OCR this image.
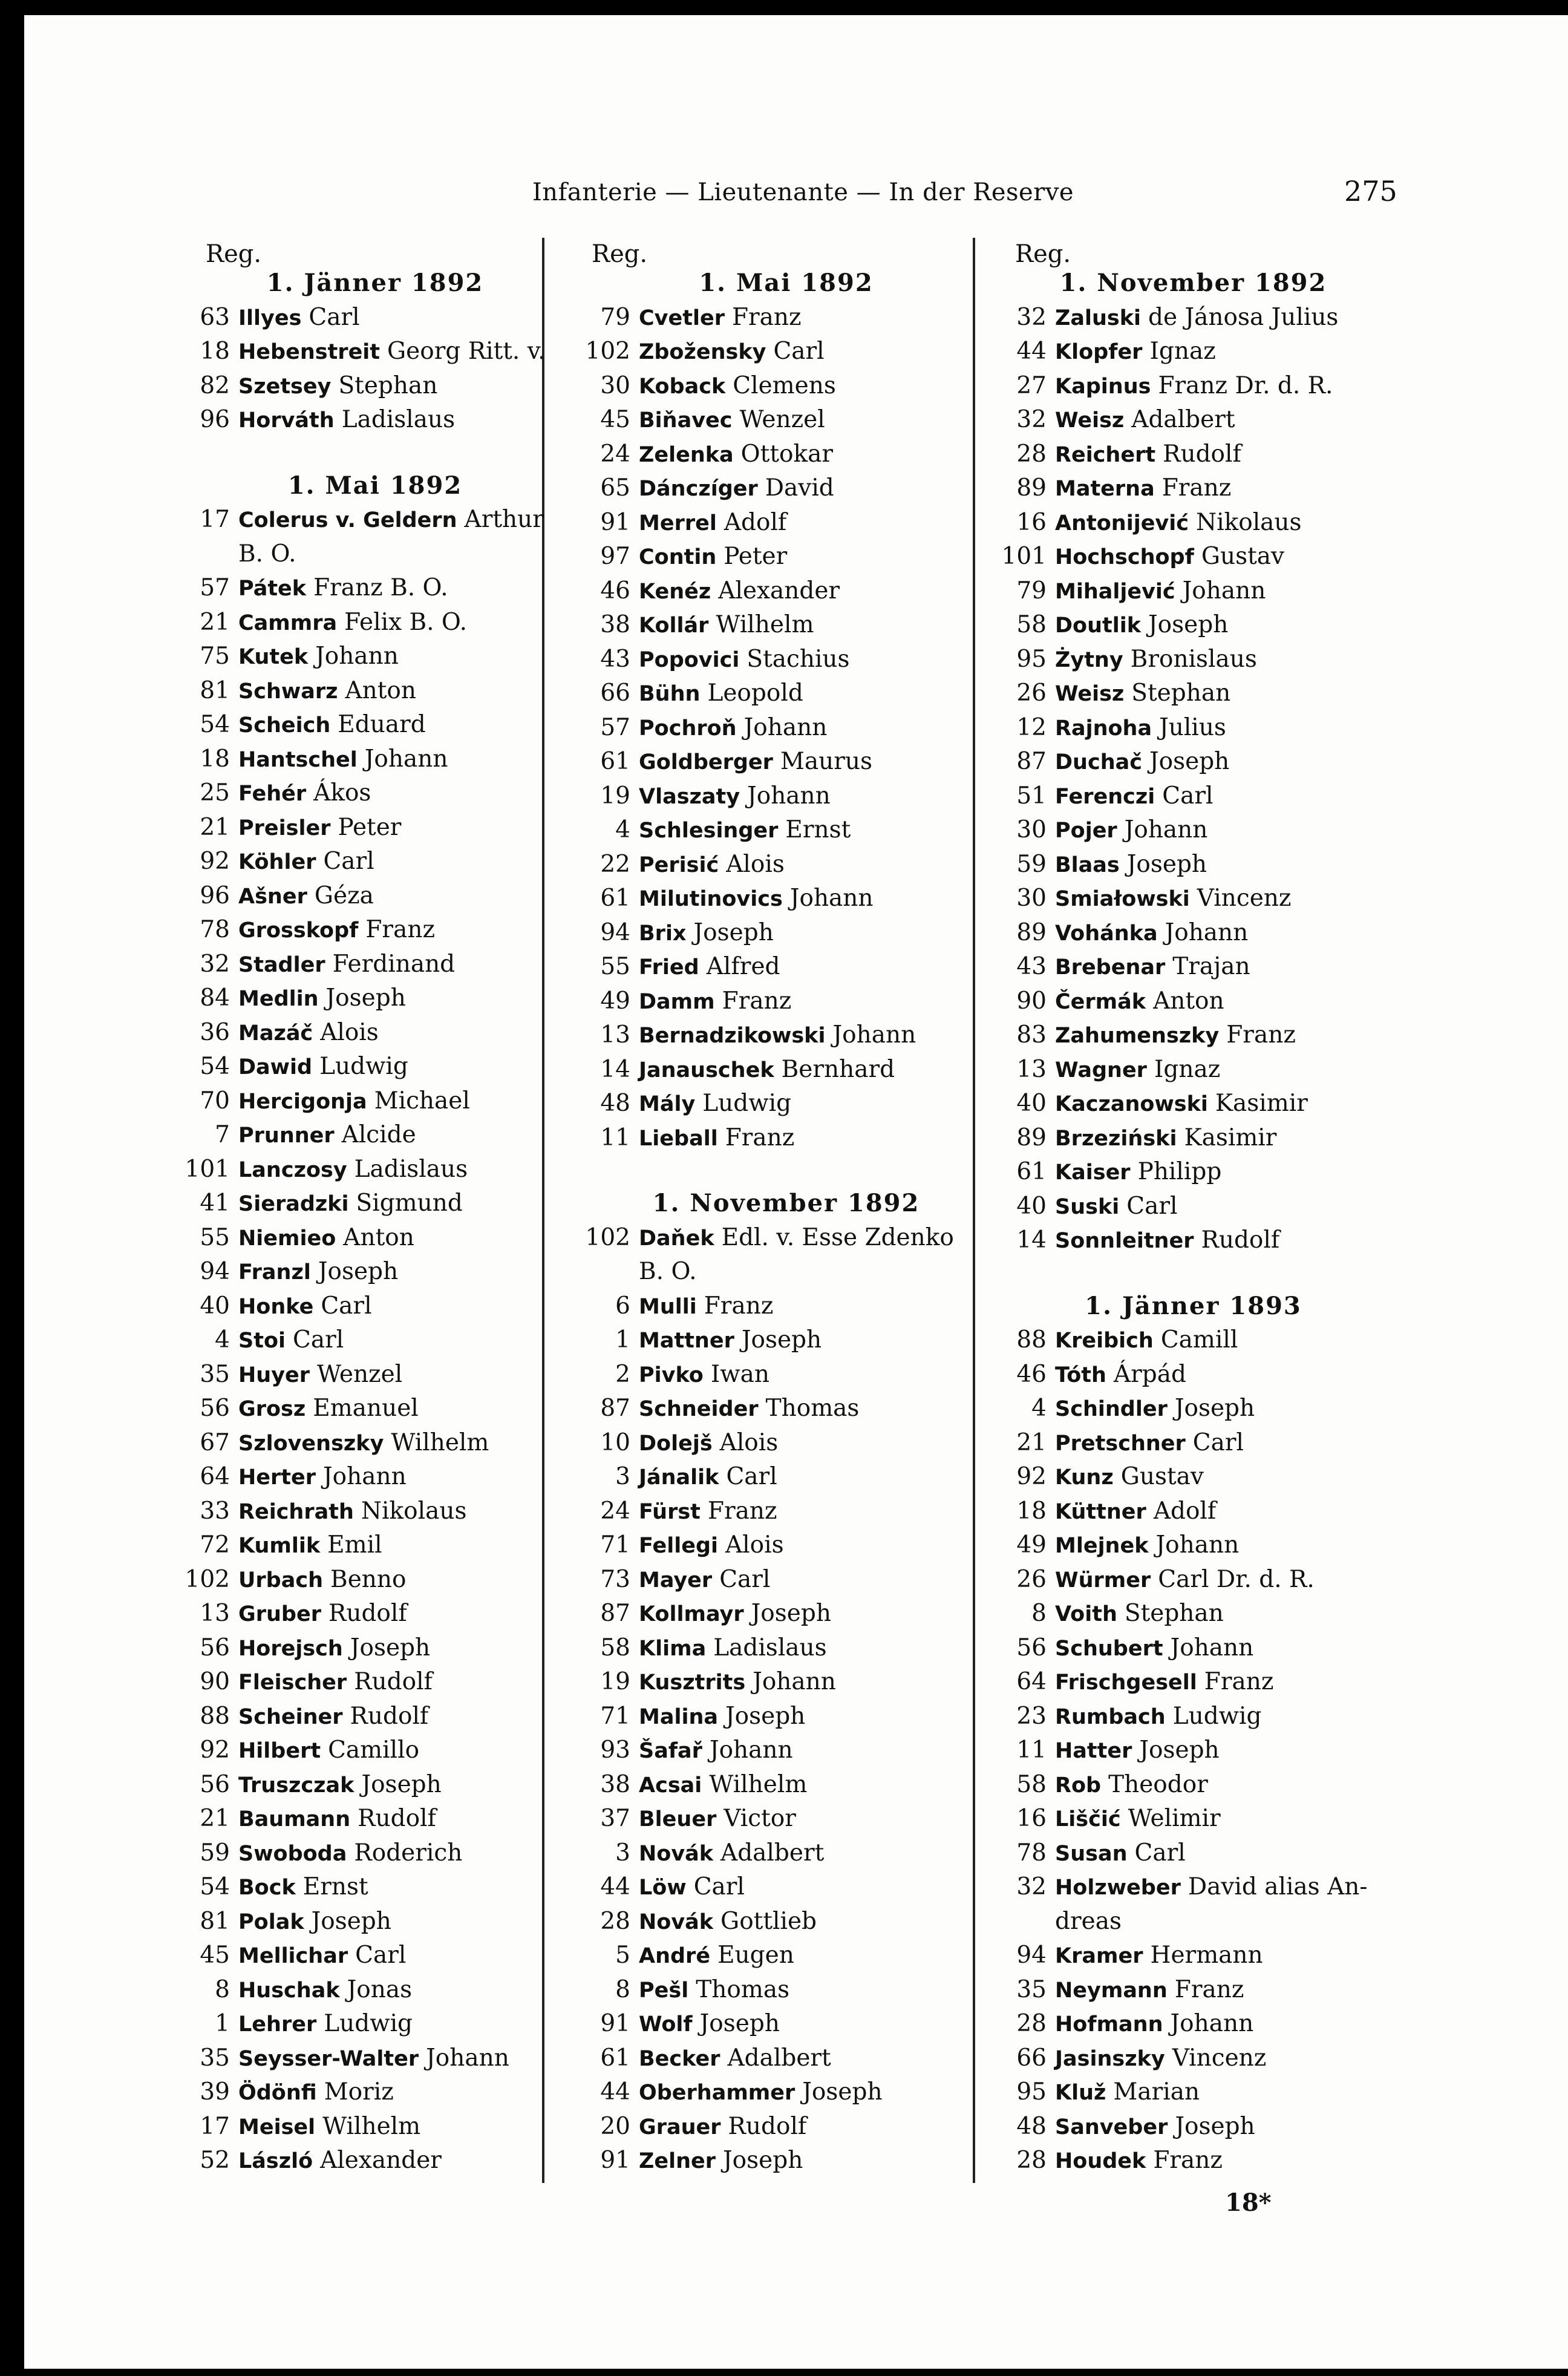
Infanterie — Lieutenante — In der Reserve	275
Reg.
1. Jänner 1892
63 Illyes Carl
18 Hebenstreit Georg Ritt. v.
82 Szetsey Stephan
96 Horváth Ladislaus
1. Mai 1892
17 Colerus v. Geldern Arthur
B. O.
57 Pátek Franz B. O.
21 Cammra Felix B. O.
75 Kutek Johann
81 Schwarz Anton
54 Scheich Eduard
18 Hantschel Johann
25 Fehér Ákos
21 Preisler Peter
92 Köhler Carl
96 Ašner Géza
78 Grosskopf Franz
32 Stadler Ferdinand
84 Medlin Joseph
36 Mazáč Alois
54 Dawid Ludwig
70 Hercigonja Michael
7 Prunner Alcide
101 Lanczosy Ladislaus
41 Sieradzki Sigmund
55 Niemieo Anton
94 Franzl Joseph
40 Honke Carl
4 Stoi Carl
35 Huyer Wenzel
56 Grosz Emanuel
67 Szlovenszky Wilhelm
64 Herter Johann
33 Reichrath Nikolaus
72 Kumlik Emil
102 Urbach Benno
13 Gruber Rudolf
56 Horejsch Joseph
90 Fleischer Rudolf
88 Scheiner Rudolf
92 Hilbert Camillo
56 Truszczak Joseph
21 Baumann Rudolf
59 Swoboda Roderich
54 Bock Ernst
81 Polak Joseph
45 Mellichar Carl
8 Huschak Jonas
1 Lehrer Ludwig
35 Seysser-Walter Johann
39 Ödönfi Moriz
17 Meisel Wilhelm
52 László Alexander
Reg.
1. Mai 1892
79 Cvetler Franz
102 Zbožensky Carl
30 Koback Clemens
45 Biňavec Wenzel
24 Zelenka Ottokar
65 Dánczíger David
91 Merrel Adolf
97 Contin Peter
46 Kenéz Alexander
38 Kollár Wilhelm
43 Popovici Stachius
66 Bühn Leopold
57 Pochroň Johann
61 Goldberger Maurus
19 Vlaszaty Johann
4 Schlesinger Ernst
22 Perisić Alois
61 Milutinovics Johann
94 Brix Joseph
55 Fried Alfred
49 Damm Franz
13 Bernadzikowski Johann
14 Janauschek Bernhard
48 Mály Ludwig
11 Lieball Franz
1. November 1892
102 Daňek Edl. v. Esse Zdenko
B. O.
6 Mulli Franz
1 Mattner Joseph
2 Pivko Iwan
87 Schneider Thomas
10 Dolejš Alois
3 Jánalik Carl
24 Fürst Franz
71 Fellegi Alois
73 Mayer Carl
87 Kollmayr Joseph
58 Klima Ladislaus
19 Kusztrits Johann
71 Malina Joseph
93 Šafař Johann
38 Acsai Wilhelm
37 Bleuer Victor
3 Novák Adalbert
44 Löw Carl
28 Novák Gottlieb
5 André Eugen
8 Pešl Thomas
91 Wolf Joseph
61 Becker Adalbert
44 Oberhammer Joseph
20 Grauer Rudolf
91 Zelner Joseph
Reg.
1. November 1892
32 Zaluski de Jánosa Julius
44 Klopfer Ignaz
27 Kapinus Franz Dr. d. R.
32 Weisz Adalbert
28 Reichert Rudolf
89 Materna Franz
16 Antonijević Nikolaus
101 Hochschopf Gustav
79 Mihaljević Johann
58 Doutlik Joseph
95 Żytny Bronislaus
26 Weisz Stephan
12 Rajnoha Julius
87 Duchač Joseph
51 Ferenczi Carl
30 Pojer Johann
59 Blaas Joseph
30 Smiałowski Vincenz
89 Vohánka Johann
43 Brebenar Trajan
90 Čermák Anton
83 Zahumenszky Franz
13 Wagner Ignaz
40 Kaczanowski Kasimir
89 Brzeziński Kasimir
61 Kaiser Philipp
40 Suski Carl
14 Sonnleitner Rudolf
1. Jänner 1893
88 Kreibich Camill
46 Tóth Árpád
4 Schindler Joseph
21 Pretschner Carl
92 Kunz Gustav
18 Küttner Adolf
49 Mlejnek Johann
26 Würmer Carl Dr. d. R.
8 Voith Stephan
56 Schubert Johann
64 Frischgesell Franz
23 Rumbach Ludwig
11 Hatter Joseph
58 Rob Theodor
16 Liščić Welimir
78 Susan Carl
32 Holzweber David alias An-
dreas
94 Kramer Hermann
35 Neymann Franz
28 Hofmann Johann
66 Jasinszky Vincenz
95 Kluž Marian
48 Sanveber Joseph
28 Houdek Franz
18*
